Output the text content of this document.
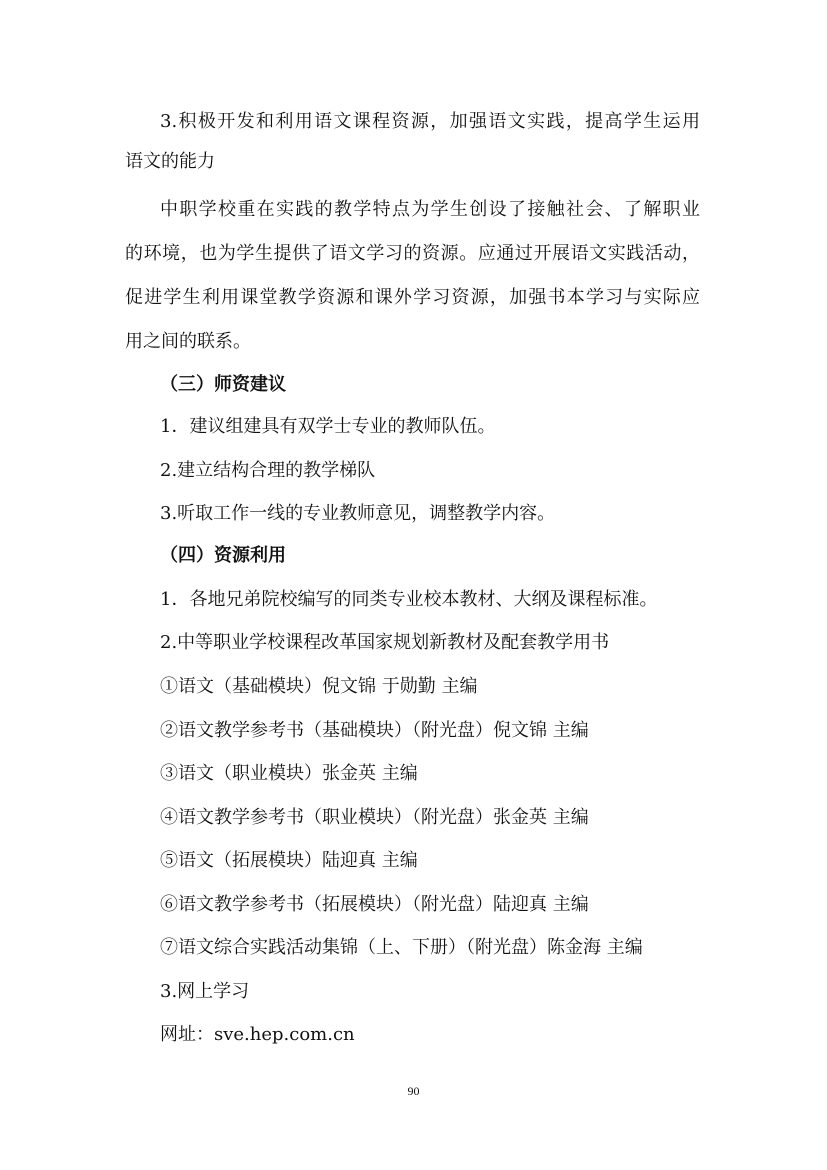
3.积极开发和利用语文课程资源，加强语文实践，提高学生运用
语文的能力
中职学校重在实践的教学特点为学生创设了接触社会、了解职业
的环境，也为学生提供了语文学习的资源。应通过开展语文实践活动，
促进学生利用课堂教学资源和课外学习资源，加强书本学习与实际应
用之间的联系。
（三）师资建议
1．建议组建具有双学士专业的教师队伍。
2.建立结构合理的教学梯队
3.听取工作一线的专业教师意见，调整教学内容。
（四）资源利用
1．各地兄弟院校编写的同类专业校本教材、大纲及课程标准。
2.中等职业学校课程改革国家规划新教材及配套教学用书
①语文（基础模块）倪文锦 于勋勤 主编
②语文教学参考书（基础模块）（附光盘）倪文锦 主编
③语文（职业模块）张金英 主编
④语文教学参考书（职业模块）（附光盘）张金英 主编
⑤语文（拓展模块）陆迎真 主编
⑥语文教学参考书（拓展模块）（附光盘）陆迎真 主编
⑦语文综合实践活动集锦（上、下册）（附光盘）陈金海 主编
3.网上学习
网址：sve.hep.com.cn
90
